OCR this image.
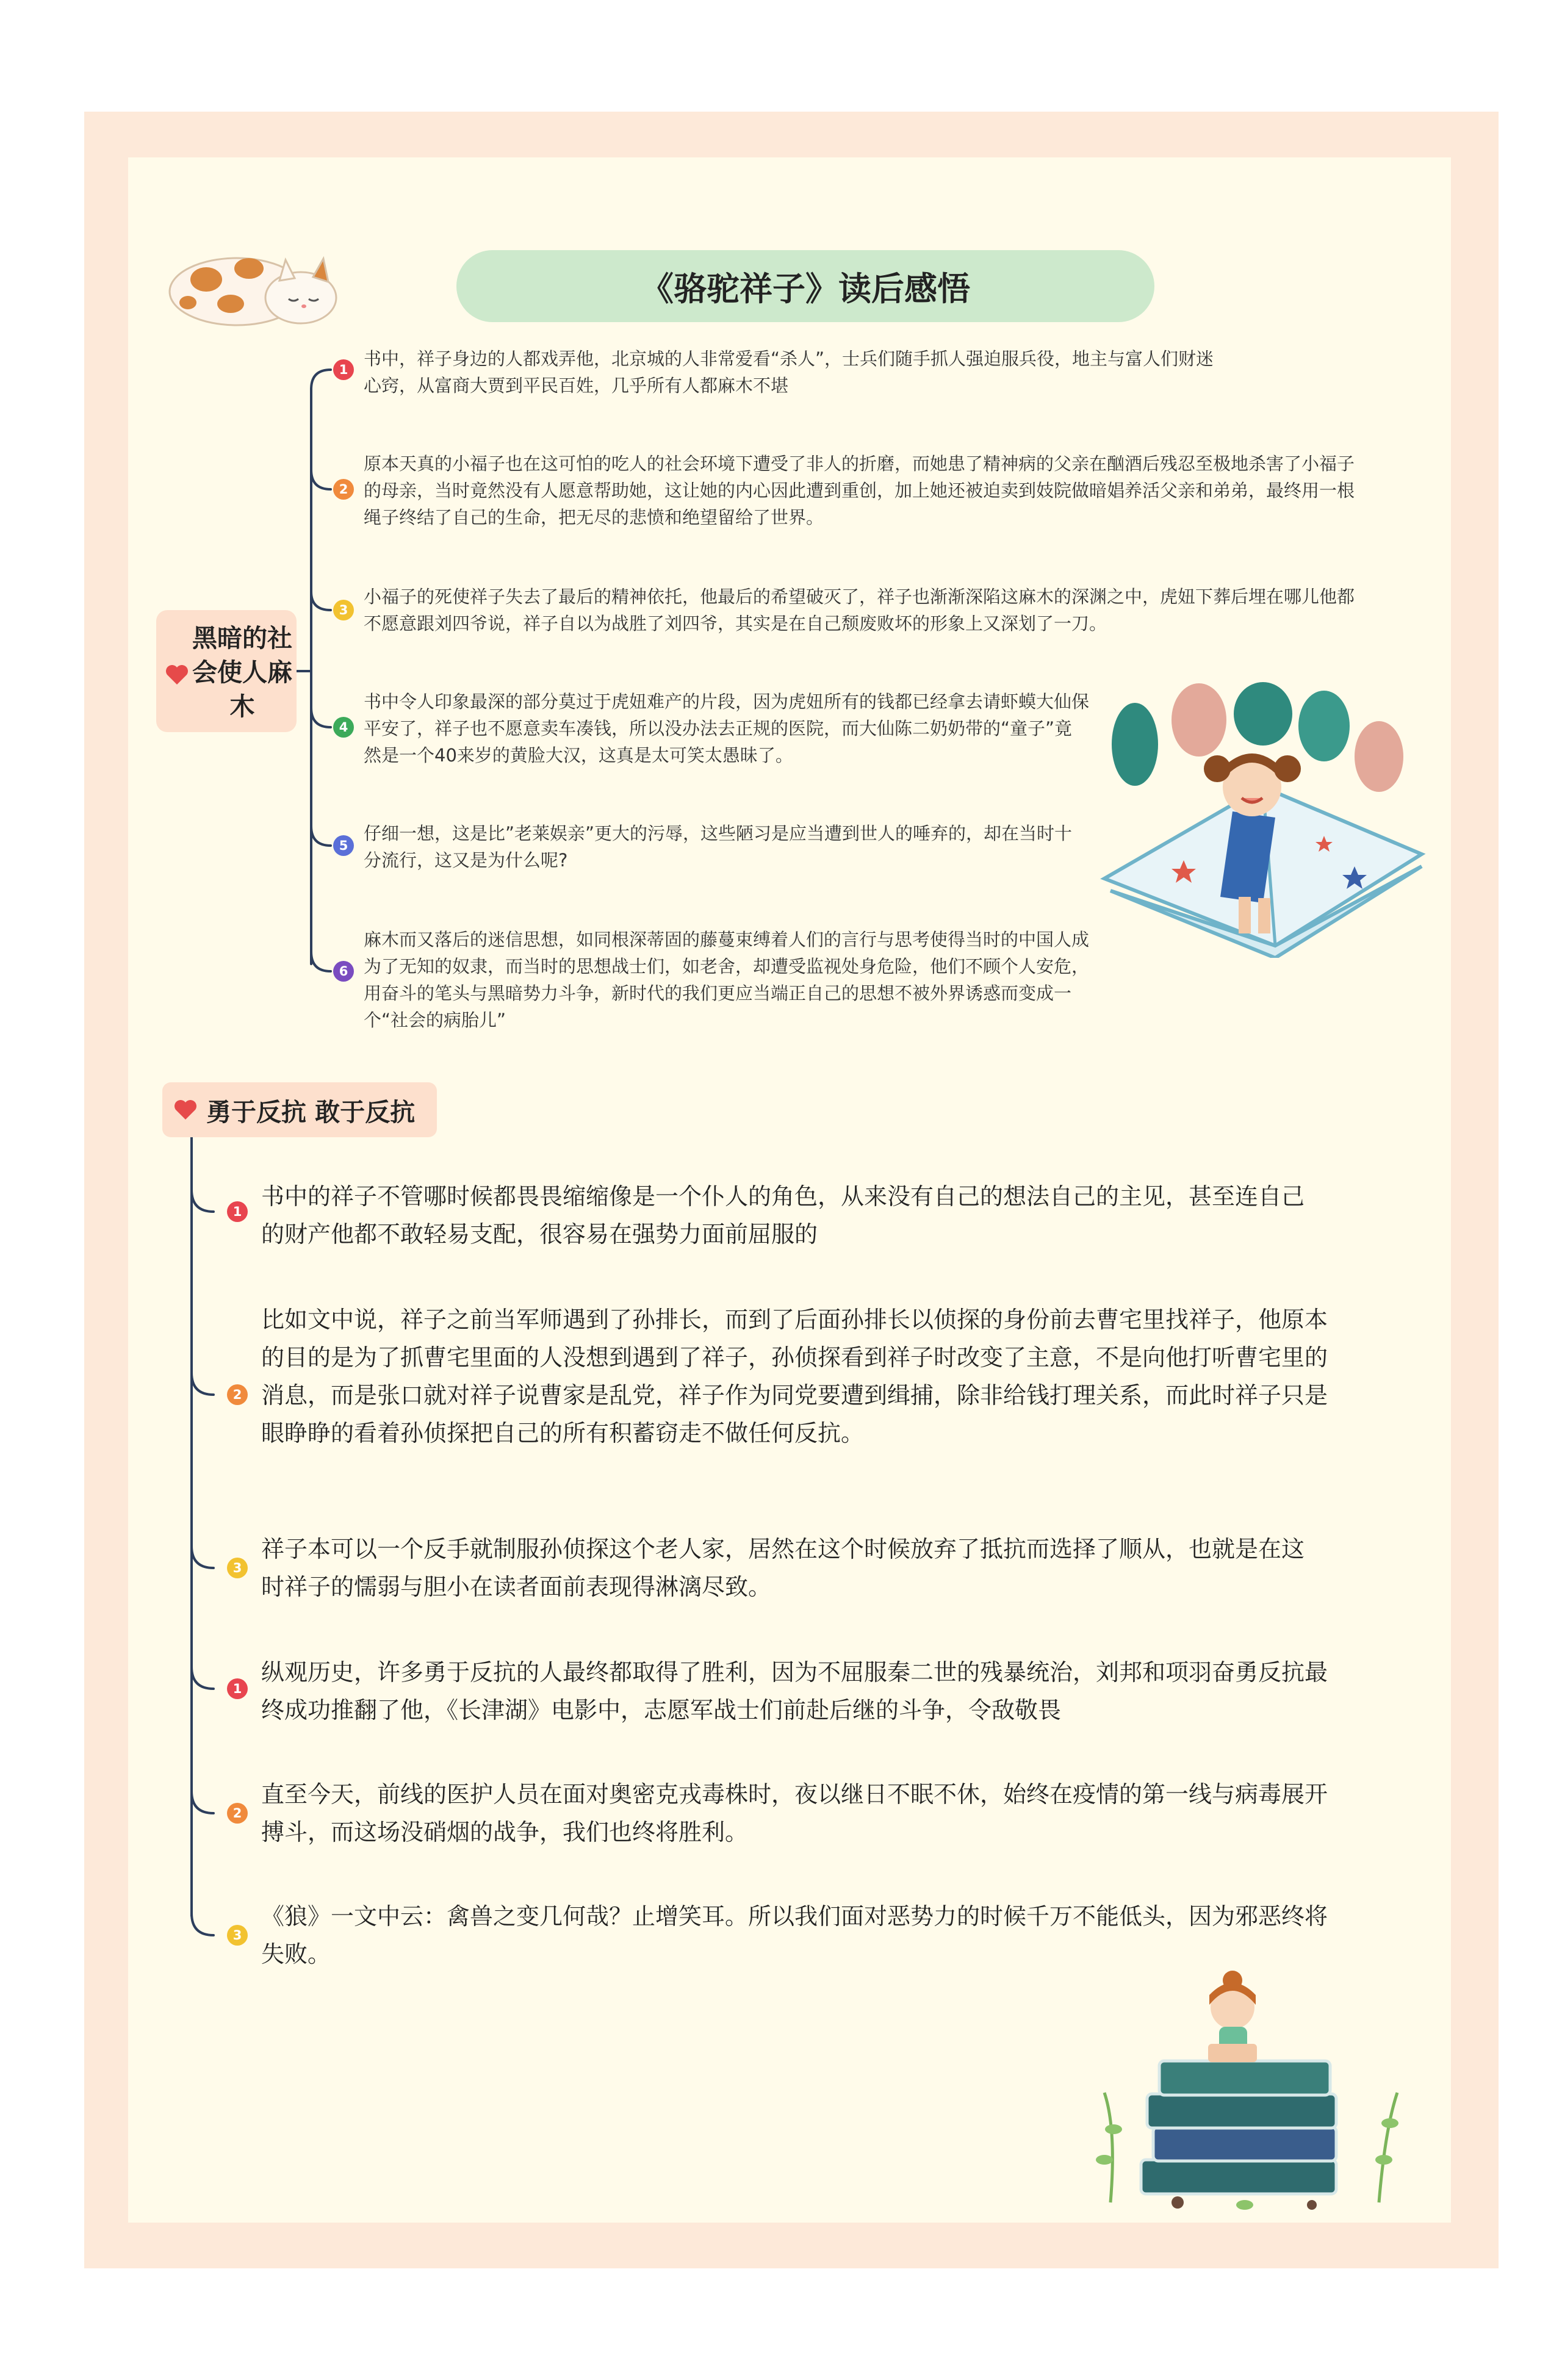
《骆驼祥子》读后感悟
黑暗的社会使人麻木
1
书中，祥子身边的人都戏弄他，北京城的人非常爱看“杀人”，士兵们随手抓人强迫服兵役，地主与富人们财迷心窍，从富商大贾到平民百姓，几乎所有人都麻木不堪
2
原本天真的小福子也在这可怕的吃人的社会环境下遭受了非人的折磨，而她患了精神病的父亲在酗酒后残忍至极地杀害了小福子的母亲，当时竟然没有人愿意帮助她，这让她的内心因此遭到重创，加上她还被迫卖到妓院做暗娼养活父亲和弟弟，最终用一根绳子终结了自己的生命，把无尽的悲愤和绝望留给了世界。
3
小福子的死使祥子失去了最后的精神依托，他最后的希望破灭了，祥子也渐渐深陷这麻木的深渊之中，虎妞下葬后埋在哪儿他都不愿意跟刘四爷说，祥子自以为战胜了刘四爷，其实是在自己颓废败坏的形象上又深划了一刀。
4
书中令人印象最深的部分莫过于虎妞难产的片段，因为虎妞所有的钱都已经拿去请虾蟆大仙保平安了，祥子也不愿意卖车凑钱，所以没办法去正规的医院，而大仙陈二奶奶带的“童子”竟然是一个40来岁的黄脸大汉，这真是太可笑太愚昧了。
5
仔细一想，这是比”老莱娱亲”更大的污辱，这些陋习是应当遭到世人的唾弃的，却在当时十分流行，这又是为什么呢?
6
麻木而又落后的迷信思想，如同根深蒂固的藤蔓束缚着人们的言行与思考使得当时的中国人成为了无知的奴隶，而当时的思想战士们，如老舍，却遭受监视处身危险，他们不顾个人安危，用奋斗的笔头与黑暗势力斗争，新时代的我们更应当端正自己的思想不被外界诱惑而变成一个“社会的病胎儿”
勇于反抗 敢于反抗
1
书中的祥子不管哪时候都畏畏缩缩像是一个仆人的角色，从来没有自己的想法自己的主见，甚至连自己的财产他都不敢轻易支配，很容易在强势力面前屈服的
2
比如文中说，祥子之前当军师遇到了孙排长，而到了后面孙排长以侦探的身份前去曹宅里找祥子，他原本的目的是为了抓曹宅里面的人没想到遇到了祥子，孙侦探看到祥子时改变了主意，不是向他打听曹宅里的消息，而是张口就对祥子说曹家是乱党，祥子作为同党要遭到缉捕，除非给钱打理关系，而此时祥子只是眼睁睁的看着孙侦探把自己的所有积蓄窃走不做任何反抗。
3
祥子本可以一个反手就制服孙侦探这个老人家，居然在这个时候放弃了抵抗而选择了顺从，也就是在这时祥子的懦弱与胆小在读者面前表现得淋漓尽致。
1
纵观历史，许多勇于反抗的人最终都取得了胜利，因为不屈服秦二世的残暴统治，刘邦和项羽奋勇反抗最终成功推翻了他，《长津湖》电影中，志愿军战士们前赴后继的斗争，令敌敬畏
2
直至今天，前线的医护人员在面对奥密克戎毒株时，夜以继日不眠不休，始终在疫情的第一线与病毒展开搏斗，而这场没硝烟的战争，我们也终将胜利。
3
《狼》一文中云：禽兽之变几何哉？止增笑耳。所以我们面对恶势力的时候千万不能低头，因为邪恶终将失败。
